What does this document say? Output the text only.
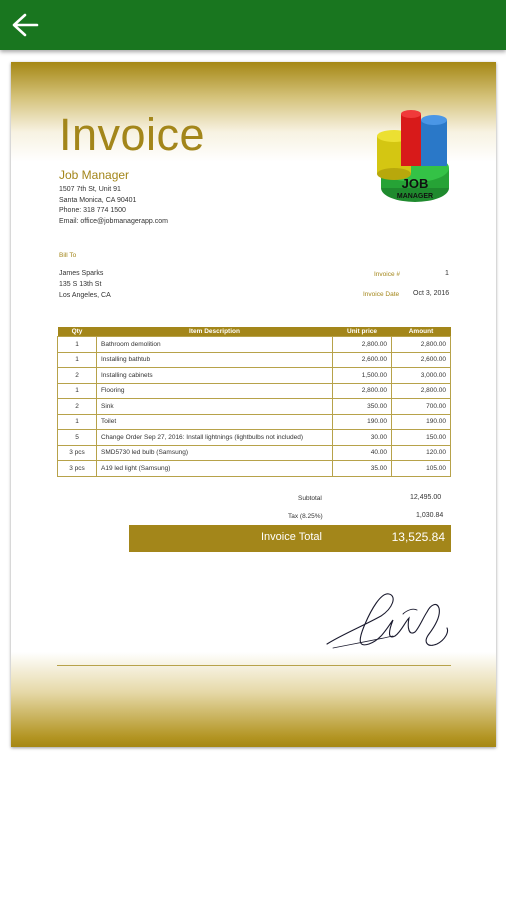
Invoice
Job Manager
1507 7th St, Unit 91
Santa Monica, CA 90401
Phone: 318 774 1500
Email: office@jobmanagerapp.com
JOB
MANAGER
Bill To
James Sparks
135 S 13th St
Los Angeles, CA
Invoice #	1
Invoice Date Oct 3, 2016
Qty	Item Description	Unit price	Amount
1	Bathroom demolition	2,800.00	2,800.00
1	Installing bathtub	2,600.00	2,600.00
2	Installing cabinets	1,500.00	3,000.00
1	Flooring	2,800.00	2,800.00
2	Sink	350.00	700.00
1	Toilet	190.00	190.00
5	Change Order Sep 27, 2016: Install lightnings (lightbulbs not included)	30.00	150.00
3 pcs	SMD5730 led bulb (Samsung)	40.00	120.00
3 pcs	A19 led light (Samsung)	35.00	105.00
Subtotal	12,495.00
Tax (8.25%)	1,030.84
Invoice Total	13,525.84
